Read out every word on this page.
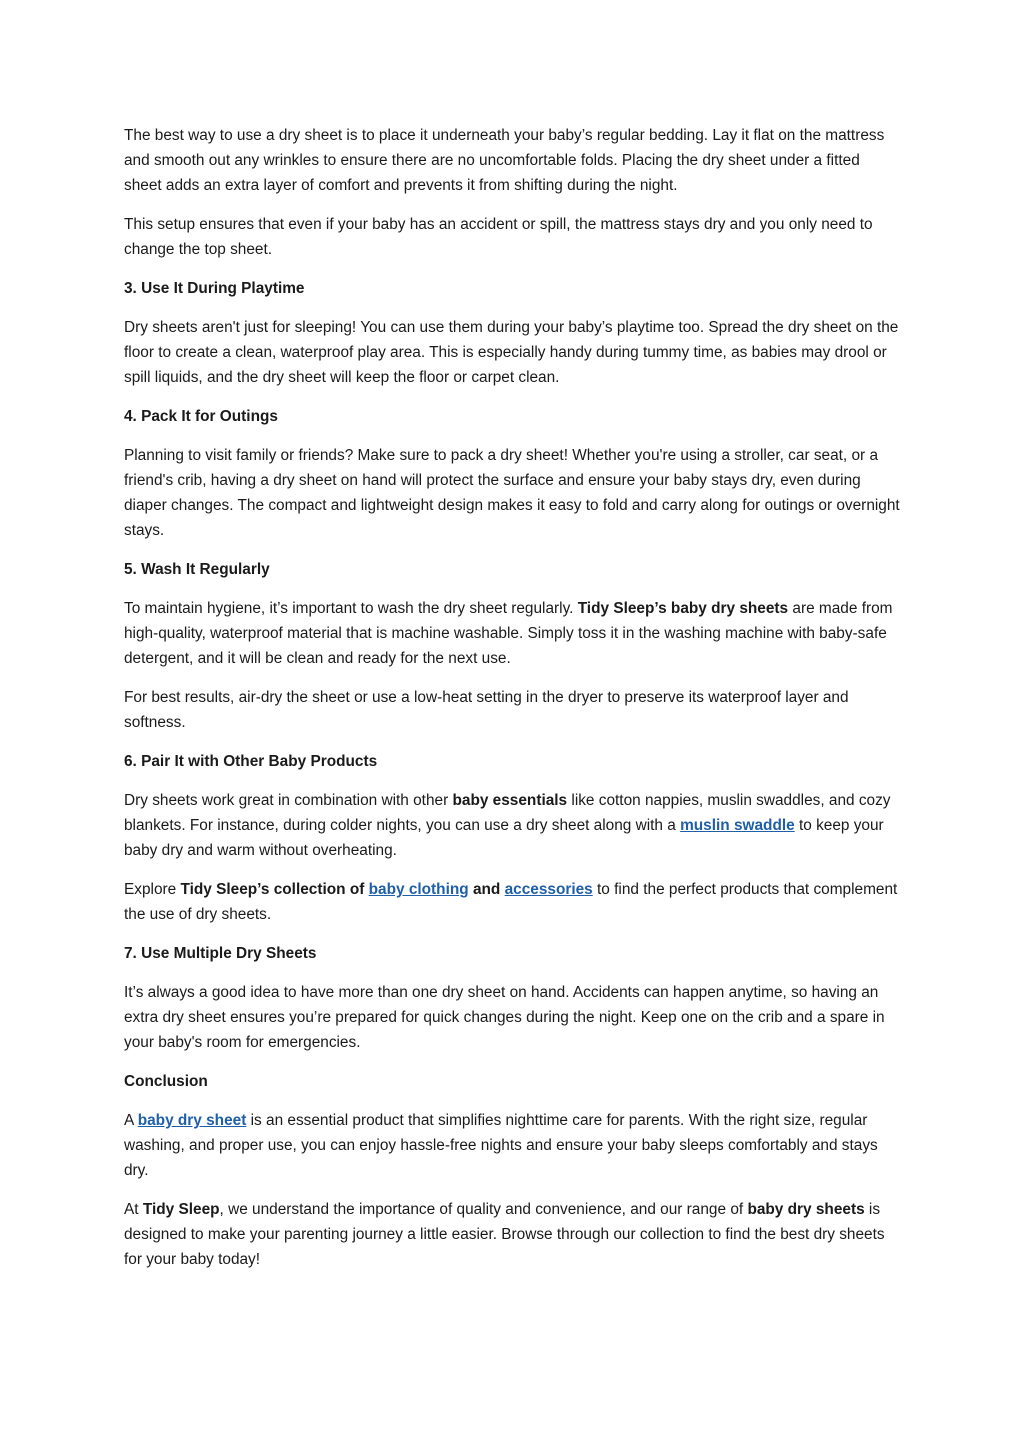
The best way to use a dry sheet is to place it underneath your baby’s regular bedding. Lay it flat on the mattress and smooth out any wrinkles to ensure there are no uncomfortable folds. Placing the dry sheet under a fitted sheet adds an extra layer of comfort and prevents it from shifting during the night.

This setup ensures that even if your baby has an accident or spill, the mattress stays dry and you only need to change the top sheet.

3. Use It During Playtime

Dry sheets aren't just for sleeping! You can use them during your baby’s playtime too. Spread the dry sheet on the floor to create a clean, waterproof play area. This is especially handy during tummy time, as babies may drool or spill liquids, and the dry sheet will keep the floor or carpet clean.

4. Pack It for Outings

Planning to visit family or friends? Make sure to pack a dry sheet! Whether you're using a stroller, car seat, or a friend's crib, having a dry sheet on hand will protect the surface and ensure your baby stays dry, even during diaper changes. The compact and lightweight design makes it easy to fold and carry along for outings or overnight stays.

5. Wash It Regularly

To maintain hygiene, it’s important to wash the dry sheet regularly. Tidy Sleep’s baby dry sheets are made from high-quality, waterproof material that is machine washable. Simply toss it in the washing machine with baby-safe detergent, and it will be clean and ready for the next use.

For best results, air-dry the sheet or use a low-heat setting in the dryer to preserve its waterproof layer and softness.

6. Pair It with Other Baby Products

Dry sheets work great in combination with other baby essentials like cotton nappies, muslin swaddles, and cozy blankets. For instance, during colder nights, you can use a dry sheet along with a muslin swaddle to keep your baby dry and warm without overheating.

Explore Tidy Sleep’s collection of baby clothing and accessories to find the perfect products that complement the use of dry sheets.

7. Use Multiple Dry Sheets

It’s always a good idea to have more than one dry sheet on hand. Accidents can happen anytime, so having an extra dry sheet ensures you’re prepared for quick changes during the night. Keep one on the crib and a spare in your baby's room for emergencies.

Conclusion

A baby dry sheet is an essential product that simplifies nighttime care for parents. With the right size, regular washing, and proper use, you can enjoy hassle-free nights and ensure your baby sleeps comfortably and stays dry.

At Tidy Sleep, we understand the importance of quality and convenience, and our range of baby dry sheets is designed to make your parenting journey a little easier. Browse through our collection to find the best dry sheets for your baby today!
